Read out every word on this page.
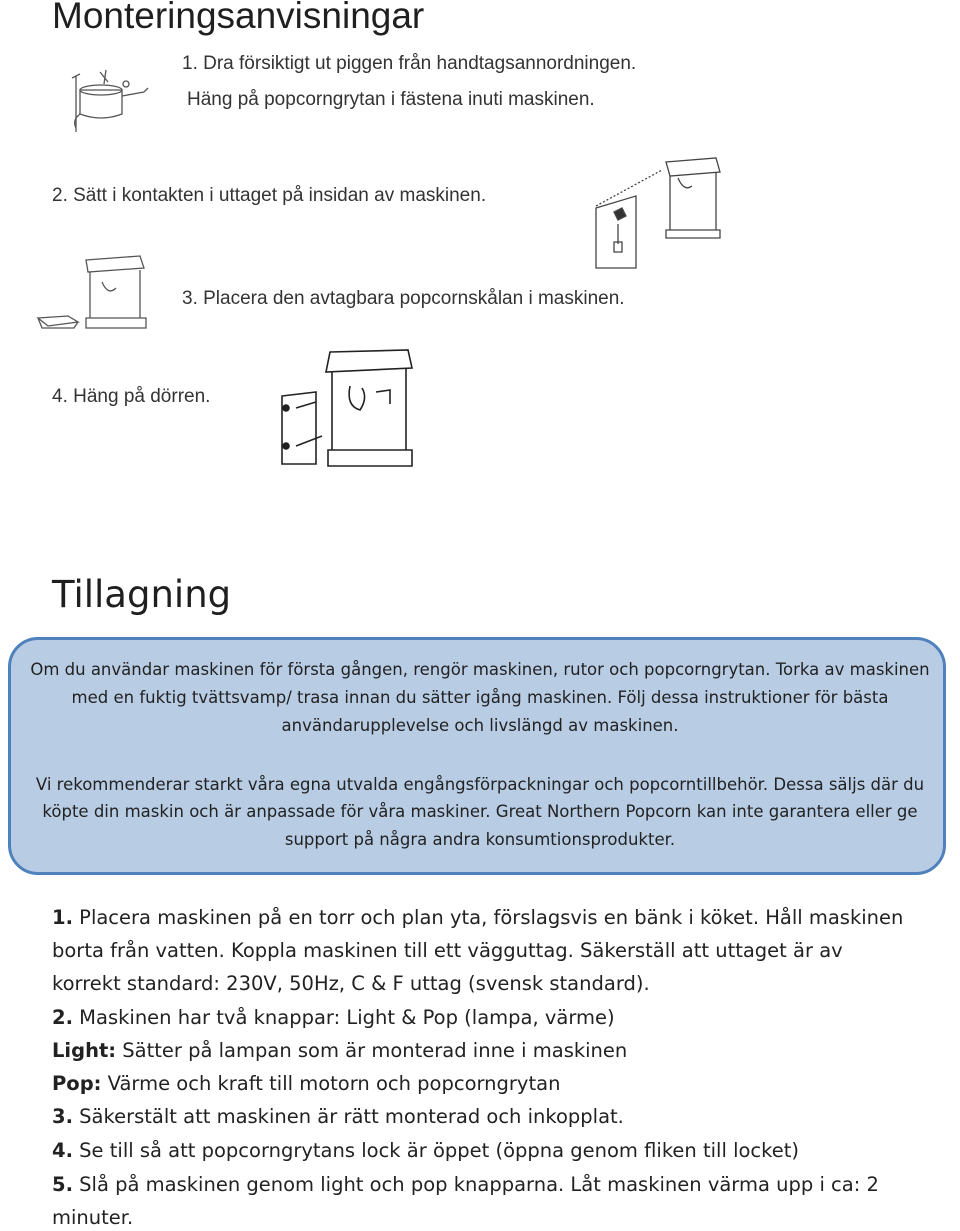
Monteringsanvisningar
1. Dra försiktigt ut piggen från handtagsannordningen.
Häng på popcorngrytan i fästena inuti maskinen.
2. Sätt i kontakten i uttaget på insidan av maskinen.
3. Placera den avtagbara popcornskålan i maskinen.
4. Häng på dörren.
Tillagning
Om du användar maskinen för första gången, rengör maskinen, rutor och popcorngrytan. Torka av maskinen
med en fuktig tvättsvamp/ trasa innan du sätter igång maskinen. Följ dessa instruktioner för bästa
användarupplevelse och livslängd av maskinen.
Vi rekommenderar starkt våra egna utvalda engångsförpackningar och popcorntillbehör. Dessa säljs där du
köpte din maskin och är anpassade för våra maskiner. Great Northern Popcorn kan inte garantera eller ge
support på några andra konsumtionsprodukter.
1. Placera maskinen på en torr och plan yta, förslagsvis en bänk i köket. Håll maskinen
borta från vatten. Koppla maskinen till ett vägguttag. Säkerställ att uttaget är av
korrekt standard: 230V, 50Hz, C & F uttag (svensk standard).
2. Maskinen har två knappar: Light & Pop (lampa, värme)
Light: Sätter på lampan som är monterad inne i maskinen
Pop: Värme och kraft till motorn och popcorngrytan
3. Säkerstält att maskinen är rätt monterad och inkopplat.
4. Se till så att popcorngrytans lock är öppet (öppna genom fliken till locket)
5. Slå på maskinen genom light och pop knapparna. Låt maskinen värma upp i ca: 2
minuter.
